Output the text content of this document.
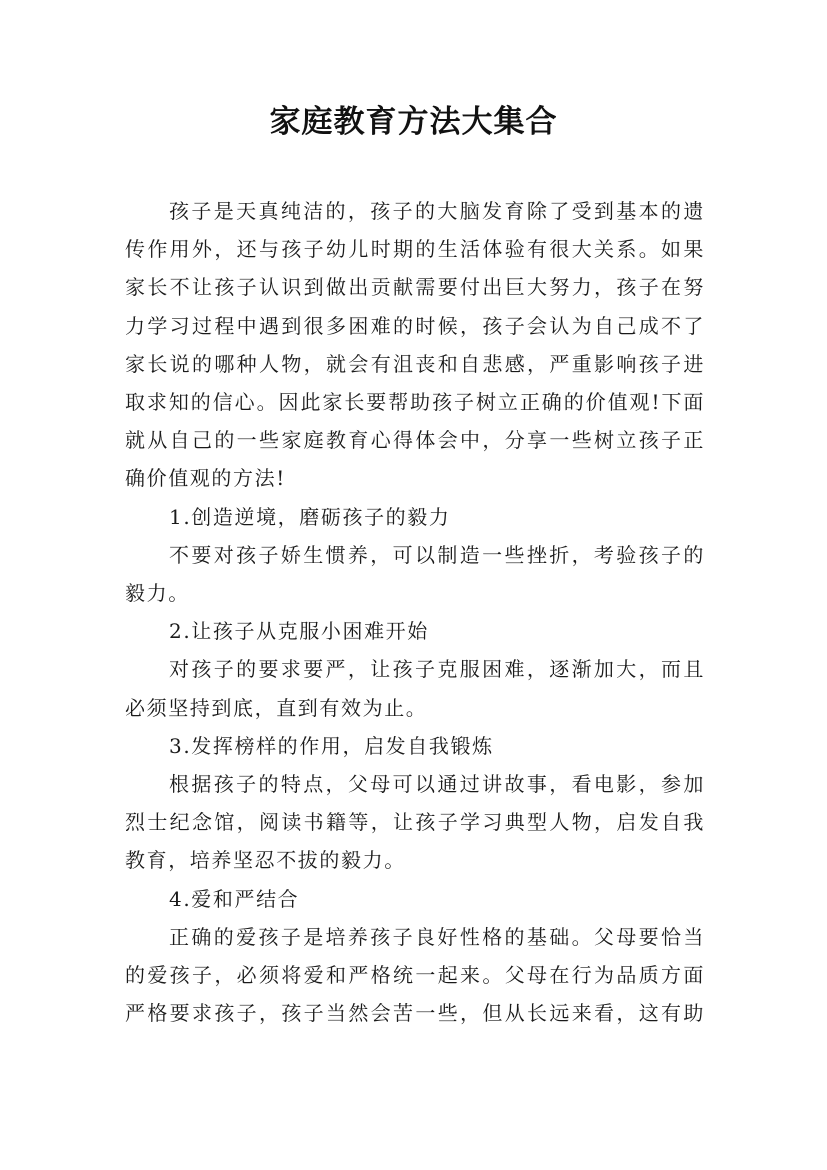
家庭教育方法大集合

孩子是天真纯洁的，孩子的大脑发育除了受到基本的遗传作用外，还与孩子幼儿时期的生活体验有很大关系。如果家长不让孩子认识到做出贡献需要付出巨大努力，孩子在努力学习过程中遇到很多困难的时候，孩子会认为自己成不了家长说的哪种人物，就会有沮丧和自悲感，严重影响孩子进取求知的信心。因此家长要帮助孩子树立正确的价值观!下面就从自己的一些家庭教育心得体会中，分享一些树立孩子正确价值观的方法!

1.创造逆境，磨砺孩子的毅力

不要对孩子娇生惯养，可以制造一些挫折，考验孩子的毅力。

2.让孩子从克服小困难开始

对孩子的要求要严，让孩子克服困难，逐渐加大，而且必须坚持到底，直到有效为止。

3.发挥榜样的作用，启发自我锻炼

根据孩子的特点，父母可以通过讲故事，看电影，参加烈士纪念馆，阅读书籍等，让孩子学习典型人物，启发自我教育，培养坚忍不拔的毅力。

4.爱和严结合

正确的爱孩子是培养孩子良好性格的基础。父母要恰当的爱孩子，必须将爱和严格统一起来。父母在行为品质方面严格要求孩子，孩子当然会苦一些，但从长远来看，这有助
